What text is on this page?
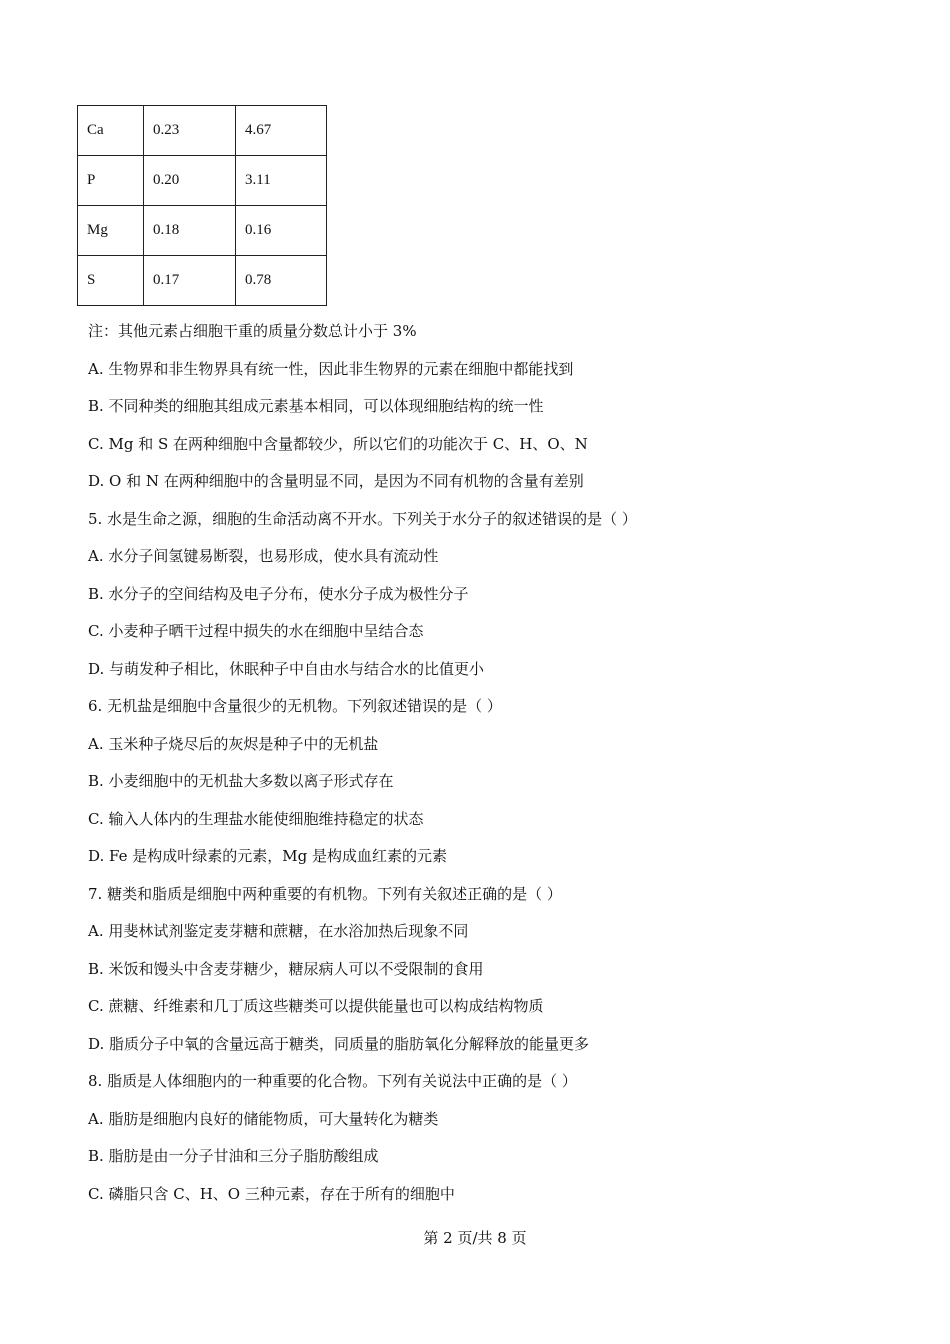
Ca	0.23	4.67
P	0.20	3.11
Mg	0.18	0.16
S	0.17	0.78
注：其他元素占细胞干重的质量分数总计小于 3%
A. 生物界和非生物界具有统一性，因此非生物界的元素在细胞中都能找到
B. 不同种类的细胞其组成元素基本相同，可以体现细胞结构的统一性
C. Mg 和 S 在两种细胞中含量都较少，所以它们的功能次于 C、H、O、N
D. O 和 N 在两种细胞中的含量明显不同，是因为不同有机物的含量有差别
5. 水是生命之源，细胞的生命活动离不开水。下列关于水分子的叙述错误的是（ ）
A. 水分子间氢键易断裂，也易形成，使水具有流动性
B. 水分子的空间结构及电子分布，使水分子成为极性分子
C. 小麦种子晒干过程中损失的水在细胞中呈结合态
D. 与萌发种子相比，休眠种子中自由水与结合水的比值更小
6. 无机盐是细胞中含量很少的无机物。下列叙述错误的是（ ）
A. 玉米种子烧尽后的灰烬是种子中的无机盐
B. 小麦细胞中的无机盐大多数以离子形式存在
C. 输入人体内的生理盐水能使细胞维持稳定的状态
D. Fe 是构成叶绿素的元素，Mg 是构成血红素的元素
7. 糖类和脂质是细胞中两种重要的有机物。下列有关叙述正确的是（ ）
A. 用斐林试剂鉴定麦芽糖和蔗糖，在水浴加热后现象不同
B. 米饭和馒头中含麦芽糖少，糖尿病人可以不受限制的食用
C. 蔗糖、纤维素和几丁质这些糖类可以提供能量也可以构成结构物质
D. 脂质分子中氧的含量远高于糖类，同质量的脂肪氧化分解释放的能量更多
8. 脂质是人体细胞内的一种重要的化合物。下列有关说法中正确的是（ ）
A. 脂肪是细胞内良好的储能物质，可大量转化为糖类
B. 脂肪是由一分子甘油和三分子脂肪酸组成
C. 磷脂只含 C、H、O 三种元素，存在于所有的细胞中
第 2 页/共 8 页
